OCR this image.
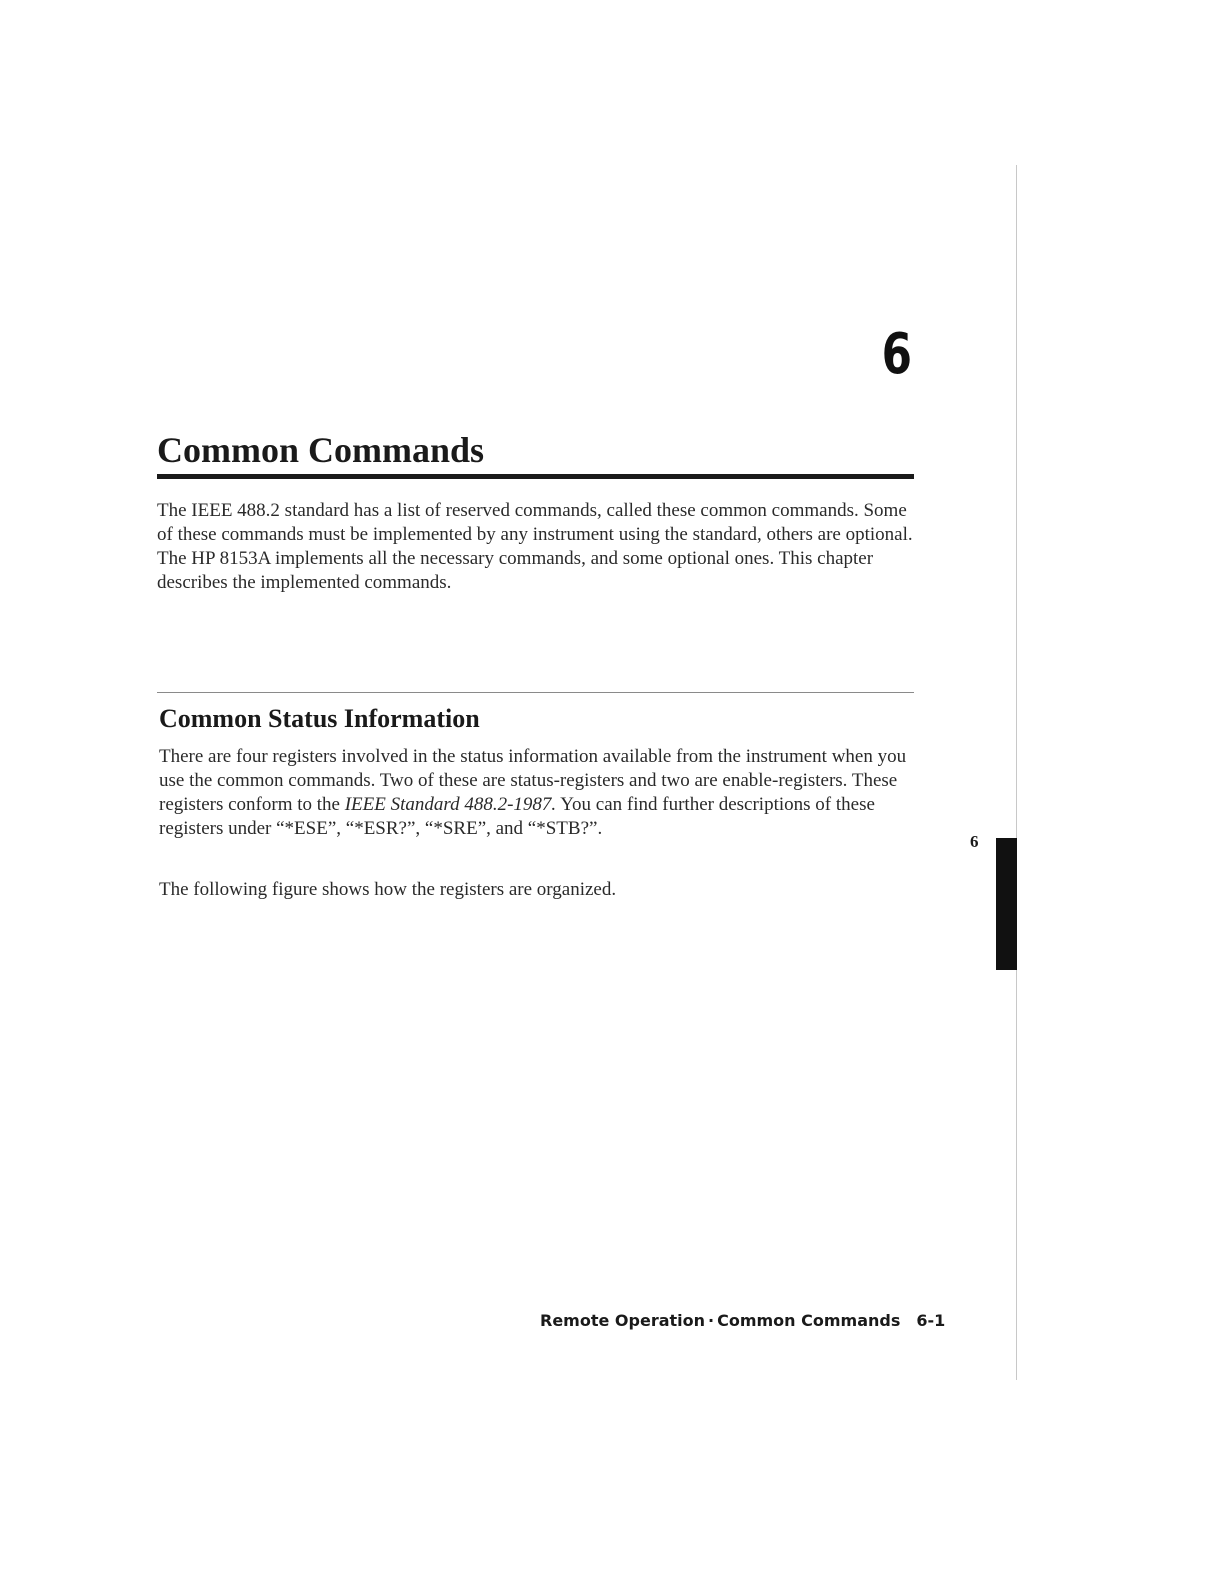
6
Common Commands

The IEEE 488.2 standard has a list of reserved commands, called these common commands. Some of these commands must be implemented by any instrument using the standard, others are optional. The HP 8153A implements all the necessary commands, and some optional ones. This chapter describes the implemented commands.

Common Status Information

There are four registers involved in the status information available from the instrument when you use the common commands. Two of these are status-registers and two are enable-registers. These registers conform to the IEEE Standard 488.2-1987. You can find further descriptions of these registers under “*ESE”, “*ESR?”, “*SRE”, and “*STB?”.

The following figure shows how the registers are organized.

6
Remote Operation · Common Commands 6-1
